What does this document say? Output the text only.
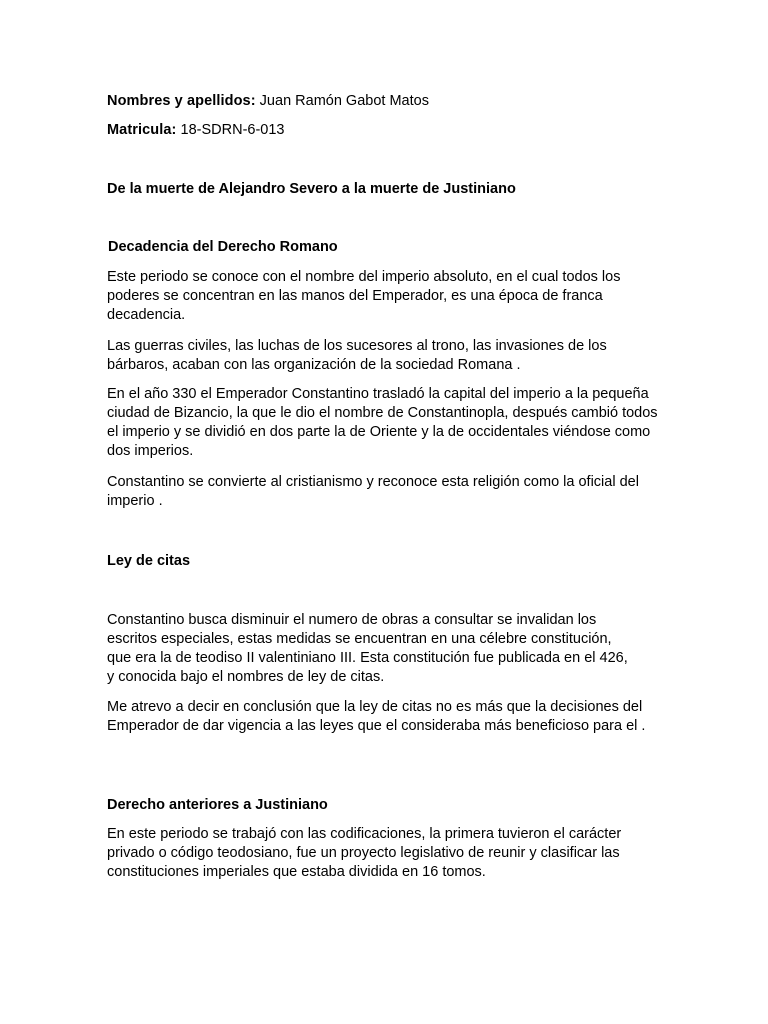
Nombres y apellidos: Juan Ramón Gabot Matos
Matricula: 18-SDRN-6-013
De la muerte de Alejandro Severo a la muerte de Justiniano
Decadencia del Derecho Romano

Este periodo se conoce con el nombre del imperio absoluto, en el cual todos los poderes se concentran en las manos del Emperador, es una época de franca decadencia.

Las guerras civiles, las luchas de los sucesores al trono, las invasiones de los bárbaros, acaban con las organización de la sociedad Romana .

En el año 330 el Emperador Constantino trasladó la capital del imperio a la pequeña ciudad de Bizancio, la que le dio el nombre de Constantinopla, después cambió todos el imperio y se dividió en dos parte la de Oriente y la de occidentales viéndose como dos imperios.

Constantino se convierte al cristianismo y reconoce esta religión como la oficial del imperio .

Ley de citas

Constantino busca disminuir el numero de obras a consultar se invalidan los escritos especiales, estas medidas se encuentran en una célebre constitución, que era la de teodiso II valentiniano III. Esta constitución fue publicada en el 426, y conocida bajo el nombres de ley de citas.

Me atrevo a decir en conclusión que la ley de citas no es más que la decisiones del Emperador de dar vigencia a las leyes que el consideraba más beneficioso para el .

Derecho anteriores a Justiniano

En este periodo se trabajó con las codificaciones, la primera tuvieron el carácter privado o código teodosiano, fue un proyecto legislativo de reunir y clasificar las constituciones imperiales que estaba dividida en 16 tomos.
